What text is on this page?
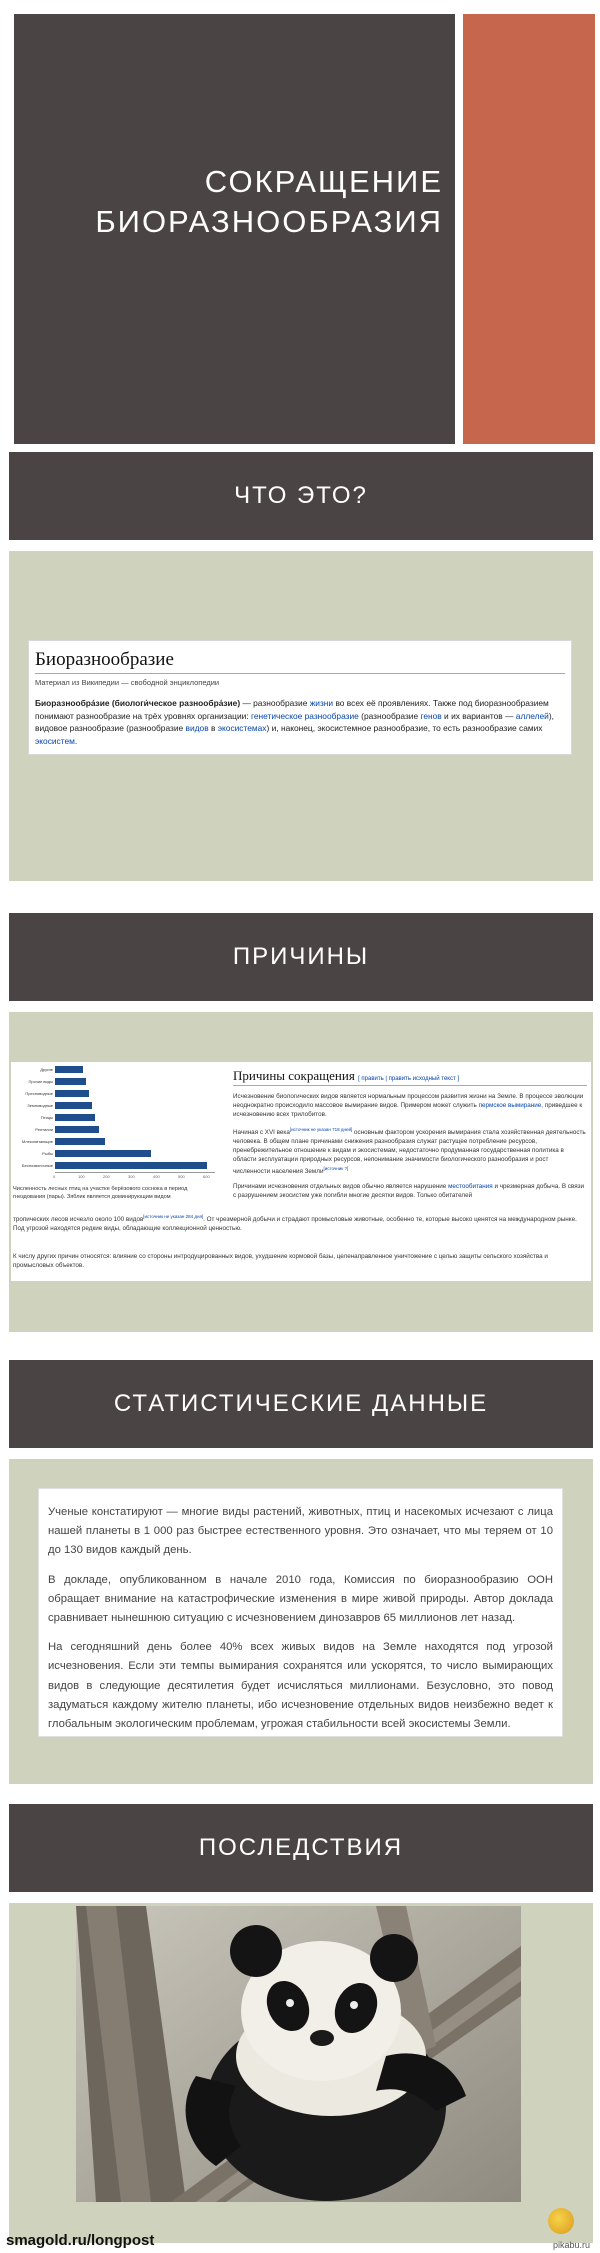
СОКРАЩЕНИЕ
БИОРАЗНООБРАЗИЯ
ЧТО ЭТО?
Биоразнообразие
Материал из Википедии — свободной энциклопедии

Биоразнообра́зие (биологи́ческое разнообра́зие) — разнообразие жизни во всех её проявлениях. Также под биоразнообразием понимают разнообразие на трёх уровнях организации: генетическое разнообразие (разнообразие генов и их вариантов — аллелей), видовое разнообразие (разнообразие видов в экосистемах) и, наконец, экосистемное разнообразие, то есть разнообразие самих экосистем.

ПРИЧИНЫ
Другие
Прочие виды
Пресноводные
Земноводные
Птицы
Рептилии
Млекопитающие
Рыбы
Беспозвоночные
0	100	200	300	400	500	600
Численность лесных птиц на участке берёзового соснока в период гнездования (пары). Зяблик является доминирующим видом
Причины сокращения [ править | править исходный текст ]
Исчезновение биологических видов является нормальным процессом развития жизни на Земле. В процессе эволюции неоднократно происходило массовое вымирание видов. Примером может служить пермское вымирание, приведшее к исчезновению всех трилобитов.
Начиная с XVI века[источник не указан 718 дней] основным фактором ускорения вымирания стала хозяйственная деятельность человека. В общем плане причинами снижения разнообразия служат растущее потребление ресурсов, пренебрежительное отношение к видам и экосистемам, недостаточно продуманная государственная политика в области эксплуатации природных ресурсов, непонимание значимости биологического разнообразия и рост численности населения Земли[источник ?]
Причинами исчезновения отдельных видов обычно является нарушение местообитания и чрезмерная добыча. В связи с разрушением экосистем уже погибли многие десятки видов. Только обитателей
тропических лесов исчезло около 100 видов[источник не указан 284 дня]. От чрезмерной добычи и страдают промысловые животные, особенно те, которые высоко ценятся на международном рынке. Под угрозой находятся редкие виды, обладающие коллекционной ценностью.
К числу других причин относятся: влияние со стороны интродуцированных видов, ухудшение кормовой базы, целенаправленное уничтожение с целью защиты сельского хозяйства и промысловых объектов.
СТАТИСТИЧЕСКИЕ ДАННЫЕ

Ученые констатируют — многие виды растений, животных, птиц и насекомых исчезают с лица нашей планеты в 1 000 раз быстрее естественного уровня. Это означает, что мы теряем от 10 до 130 видов каждый день.

В докладе, опубликованном в начале 2010 года, Комиссия по биоразнообразию ООН обращает внимание на катастрофические изменения в мире живой природы. Автор доклада сравнивает нынешнюю ситуацию с исчезновением динозавров 65 миллионов лет назад.

На сегодняшний день более 40% всех живых видов на Земле находятся под угрозой исчезновения. Если эти темпы вымирания сохранятся или ускорятся, то число вымирающих видов в следующие десятилетия будет исчисляться миллионами. Безусловно, это повод задуматься каждому жителю планеты, ибо исчезновение отдельных видов неизбежно ведет к глобальным экологическим проблемам, угрожая стабильности всей экосистемы Земли.

ПОСЛЕДСТВИЯ
smagold.ru/longpost	pikabu.ru
